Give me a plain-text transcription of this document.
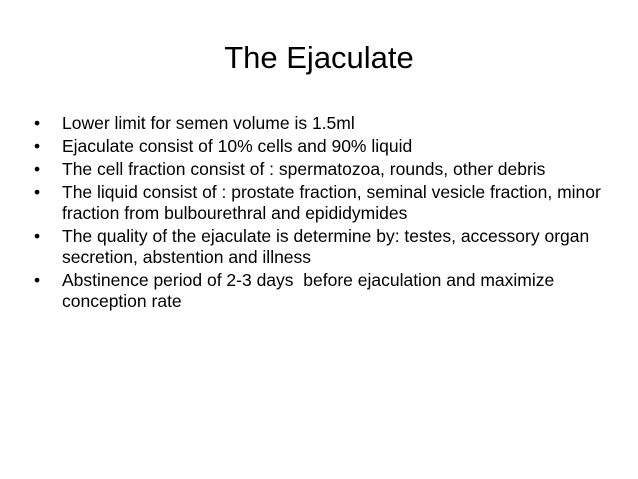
The Ejaculate
•	Lower limit for semen volume is 1.5ml
•	Ejaculate consist of 10% cells and 90% liquid
•	The cell fraction consist of : spermatozoa, rounds, other debris
•	The liquid consist of : prostate fraction, seminal vesicle fraction, minor fraction from bulbourethral and epididymides
•	The quality of the ejaculate is determine by: testes, accessory organ secretion, abstention and illness
•	Abstinence period of 2-3 days  before ejaculation and maximize  conception rate
